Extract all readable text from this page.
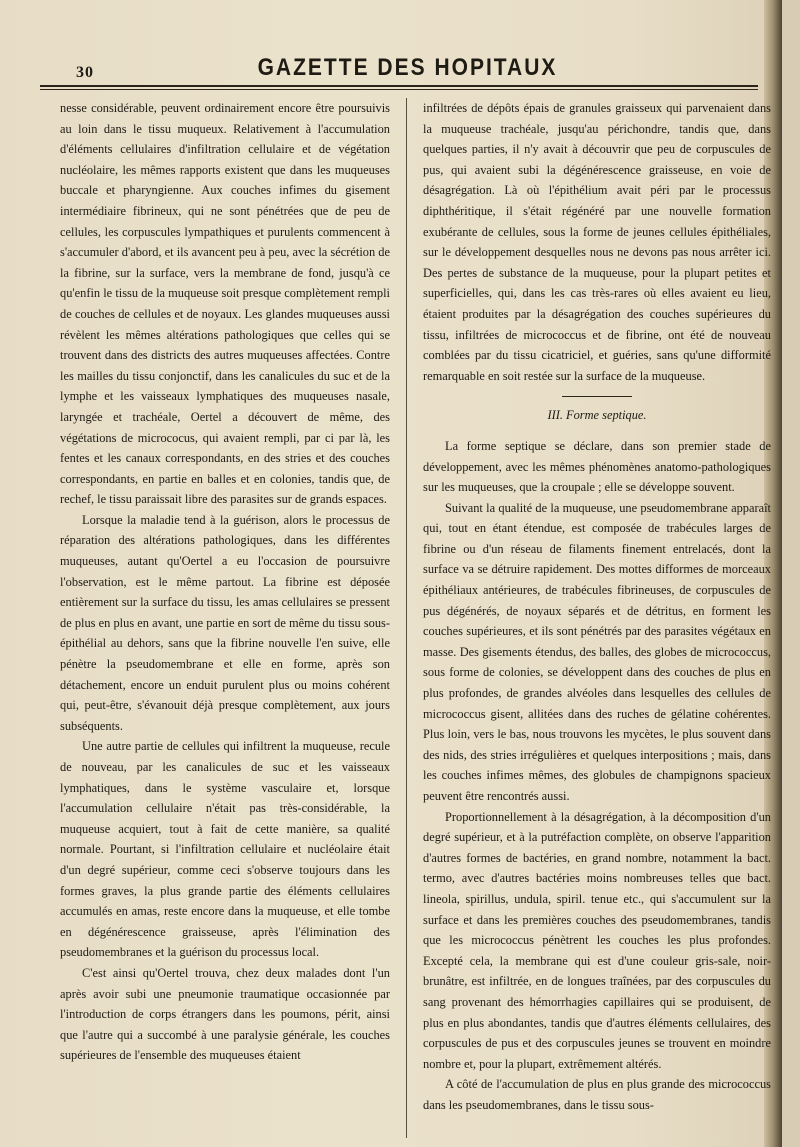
30	GAZETTE DES HOPITAUX

nesse considérable, peuvent ordinairement encore être poursuivis au loin dans le tissu muqueux. Relativement à l'accumulation d'éléments cellulaires d'infiltration cellulaire et de végétation nucléolaire, les mêmes rapports existent que dans les muqueuses buccale et pharyngienne. Aux couches infimes du gisement intermédiaire fibrineux, qui ne sont pénétrées que de peu de cellules, les corpuscules lympathiques et purulents commencent à s'accumuler d'abord, et ils avancent peu à peu, avec la sécrétion de la fibrine, sur la surface, vers la membrane de fond, jusqu'à ce qu'enfin le tissu de la muqueuse soit presque complètement rempli de couches de cellules et de noyaux. Les glandes muqueuses aussi révèlent les mêmes altérations pathologiques que celles qui se trouvent dans des districts des autres muqueuses affectées. Contre les mailles du tissu conjonctif, dans les canalicules du suc et de la lymphe et les vaisseaux lymphatiques des muqueuses nasale, laryngée et trachéale, Oertel a découvert de même, des végétations de micrococus, qui avaient rempli, par ci par là, les fentes et les canaux correspondants, en des stries et des couches correspondants, en partie en balles et en colonies, tandis que, de rechef, le tissu paraissait libre des parasites sur de grands espaces.

Lorsque la maladie tend à la guérison, alors le processus de réparation des altérations pathologiques, dans les différentes muqueuses, autant qu'Oertel a eu l'occasion de poursuivre l'observation, est le même partout. La fibrine est déposée entièrement sur la surface du tissu, les amas cellulaires se pressent de plus en plus en avant, une partie en sort de même du tissu sous-épithélial au dehors, sans que la fibrine nouvelle l'en suive, elle pénètre la pseudomembrane et elle en forme, après son détachement, encore un enduit purulent plus ou moins cohérent qui, peut-être, s'évanouit déjà presque complètement, aux jours subséquents.

Une autre partie de cellules qui infiltrent la muqueuse, recule de nouveau, par les canalicules de suc et les vaisseaux lymphatiques, dans le système vasculaire et, lorsque l'accumulation cellulaire n'était pas très-considérable, la muqueuse acquiert, tout à fait de cette manière, sa qualité normale. Pourtant, si l'infiltration cellulaire et nucléolaire était d'un degré supérieur, comme ceci s'observe toujours dans les formes graves, la plus grande partie des éléments cellulaires accumulés en amas, reste encore dans la muqueuse, et elle tombe en dégénérescence graisseuse, après l'élimination des pseudomembranes et la guérison du processus local.

C'est ainsi qu'Oertel trouva, chez deux malades dont l'un après avoir subi une pneumonie traumatique occasionnée par l'introduction de corps étrangers dans les poumons, périt, ainsi que l'autre qui a succombé à une paralysie générale, les couches supérieures de l'ensemble des muqueuses étaient

infiltrées de dépôts épais de granules graisseux qui parvenaient dans la muqueuse trachéale, jusqu'au périchondre, tandis que, dans quelques parties, il n'y avait à découvrir que peu de corpuscules de pus, qui avaient subi la dégénérescence graisseuse, en voie de désagrégation. Là où l'épithélium avait péri par le processus diphthéritique, il s'était régénéré par une nouvelle formation exubérante de cellules, sous la forme de jeunes cellules épithéliales, sur le développement desquelles nous ne devons pas nous arrêter ici. Des pertes de substance de la muqueuse, pour la plupart petites et superficielles, qui, dans les cas très-rares où elles avaient eu lieu, étaient produites par la désagrégation des couches supérieures du tissu, infiltrées de micrococcus et de fibrine, ont été de nouveau comblées par du tissu cicatriciel, et guéries, sans qu'une difformité remarquable en soit restée sur la surface de la muqueuse.

III. Forme septique.

La forme septique se déclare, dans son premier stade de développement, avec les mêmes phénomènes anatomo-pathologiques sur les muqueuses, que la croupale ; elle se développe souvent.

Suivant la qualité de la muqueuse, une pseudomembrane apparaît qui, tout en étant étendue, est composée de trabécules larges de fibrine ou d'un réseau de filaments finement entrelacés, dont la surface va se détruire rapidement. Des mottes difformes de morceaux épithéliaux antérieures, de trabécules fibrineuses, de corpuscules de pus dégénérés, de noyaux séparés et de détritus, en forment les couches supérieures, et ils sont pénétrés par des parasites végétaux en masse. Des gisements étendus, des balles, des globes de micrococcus, sous forme de colonies, se développent dans des couches de plus en plus profondes, de grandes alvéoles dans lesquelles des cellules de micrococcus gisent, allitées dans des ruches de gélatine cohérentes. Plus loin, vers le bas, nous trouvons les mycètes, le plus souvent dans des nids, des stries irrégulières et quelques interpositions ; mais, dans les couches infimes mêmes, des globules de champignons spacieux peuvent être rencontrés aussi.

Proportionnellement à la désagrégation, à la décomposition d'un degré supérieur, et à la putréfaction complète, on observe l'apparition d'autres formes de bactéries, en grand nombre, notamment la bact. termo, avec d'autres bactéries moins nombreuses telles que bact. lineola, spirillus, undula, spiril. tenue etc., qui s'accumulent sur la surface et dans les premières couches des pseudomembranes, tandis que les micrococcus pénètrent les couches les plus profondes. Excepté cela, la membrane qui est d'une couleur gris-sale, noir-brunâtre, est infiltrée, en de longues traînées, par des corpuscules du sang provenant des hémorrhagies capillaires qui se produisent, de plus en plus abondantes, tandis que d'autres éléments cellulaires, des corpuscules de pus et des corpuscules jeunes se trouvent en moindre nombre et, pour la plupart, extrêmement altérés.

A côté de l'accumulation de plus en plus grande des micrococcus dans les pseudomembranes, dans le tissu sous-
